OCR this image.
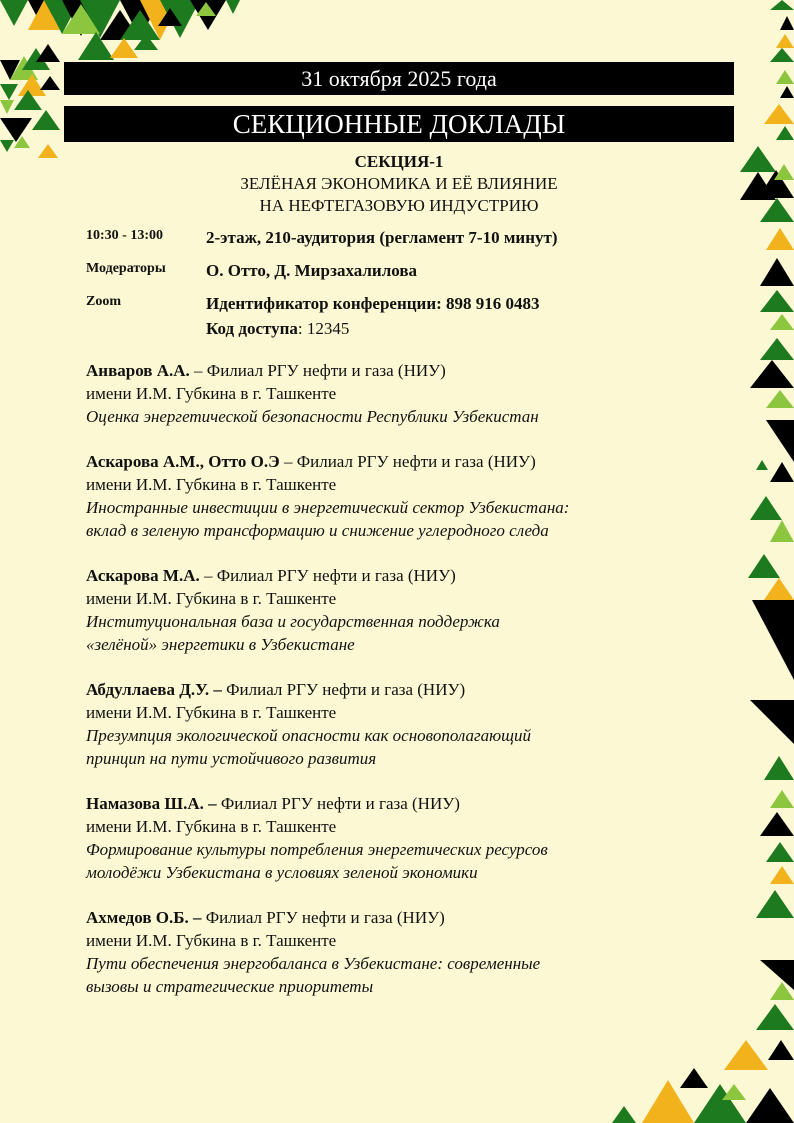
31 октября 2025 года
СЕКЦИОННЫЕ ДОКЛАДЫ
СЕКЦИЯ-1
ЗЕЛЁНАЯ ЭКОНОМИКА И ЕЁ ВЛИЯНИЕ
НА НЕФТЕГАЗОВУЮ ИНДУСТРИЮ
10:30 - 13:00	2-этаж, 210-аудитория (регламент 7-10 минут)
Модераторы	О. Отто, Д. Мирзахалилова
Zoom	Идентификатор конференции: 898 916 0483
Код доступа: 12345
Анваров А.А. – Филиал РГУ нефти и газа (НИУ)
имени И.М. Губкина в г. Ташкенте
Оценка энергетической безопасности Республики Узбекистан
Аскарова А.М., Отто О.Э – Филиал РГУ нефти и газа (НИУ)
имени И.М. Губкина в г. Ташкенте
Иностранные инвестиции в энергетический сектор Узбекистана:
вклад в зеленую трансформацию и снижение углеродного следа
Аскарова М.А. – Филиал РГУ нефти и газа (НИУ)
имени И.М. Губкина в г. Ташкенте
Институциональная база и государственная поддержка
«зелёной» энергетики в Узбекистане
Абдуллаева Д.У. – Филиал РГУ нефти и газа (НИУ)
имени И.М. Губкина в г. Ташкенте
Презумпция экологической опасности как основополагающий
принцип на пути устойчивого развития
Намазова Ш.А. – Филиал РГУ нефти и газа (НИУ)
имени И.М. Губкина в г. Ташкенте
Формирование культуры потребления энергетических ресурсов
молодёжи Узбекистана в условиях зеленой экономики
Ахмедов О.Б. – Филиал РГУ нефти и газа (НИУ)
имени И.М. Губкина в г. Ташкенте
Пути обеспечения энергобаланса в Узбекистане: современные
вызовы и стратегические приоритеты
